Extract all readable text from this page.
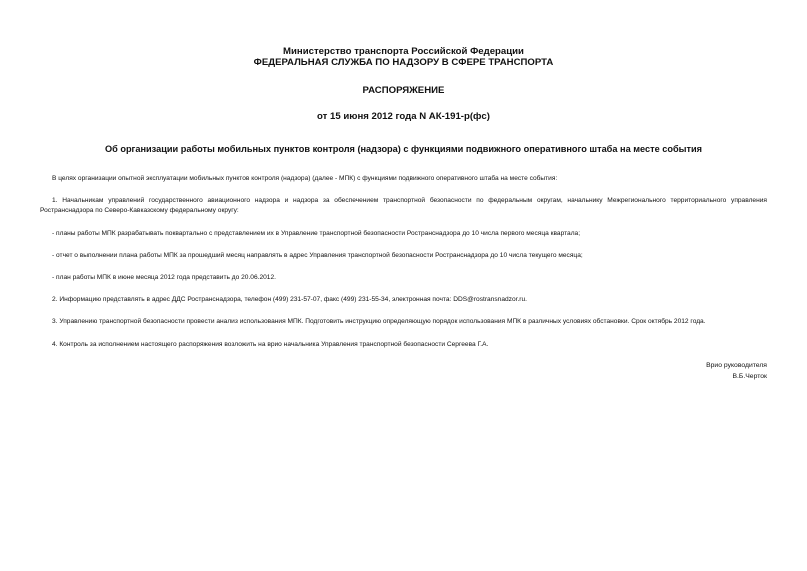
Министерство транспорта Российской Федерации
ФЕДЕРАЛЬНАЯ СЛУЖБА ПО НАДЗОРУ В СФЕРЕ ТРАНСПОРТА
РАСПОРЯЖЕНИЕ
от 15 июня 2012 года N АК-191-р(фс)
Об организации работы мобильных пунктов контроля (надзора) с функциями подвижного оперативного штаба на месте события

В целях организации опытной эксплуатации мобильных пунктов контроля (надзора) (далее - МПК) с функциями подвижного оперативного штаба на месте события:

1. Начальникам управлений государственного авиационного надзора и надзора за обеспечением транспортной безопасности по федеральным округам, начальнику Межрегионального территориального управления Ространснадзора по Северо-Кавказскому федеральному округу:

- планы работы МПК разрабатывать поквартально с представлением их в Управление транспортной безопасности Ространснадзора до 10 числа первого месяца квартала;

- отчет о выполнении плана работы МПК за прошедший месяц направлять в адрес Управления транспортной безопасности Ространснадзора до 10 числа текущего месяца;

- план работы МПК в июне месяца 2012 года представить до 20.06.2012.

2. Информацию представлять в адрес ДДС Ространснадзора, телефон (499) 231-57-07, факс (499) 231-55-34, электронная почта: DDS@rostransnadzor.ru.

3. Управлению транспортной безопасности провести анализ использования МПК. Подготовить инструкцию определяющую порядок использования МПК в различных условиях обстановки. Срок октябрь 2012 года.

4. Контроль за исполнением настоящего распоряжения возложить на врио начальника Управления транспортной безопасности Сергеева Г.А.

Врио руководителя
В.Б.Черток
